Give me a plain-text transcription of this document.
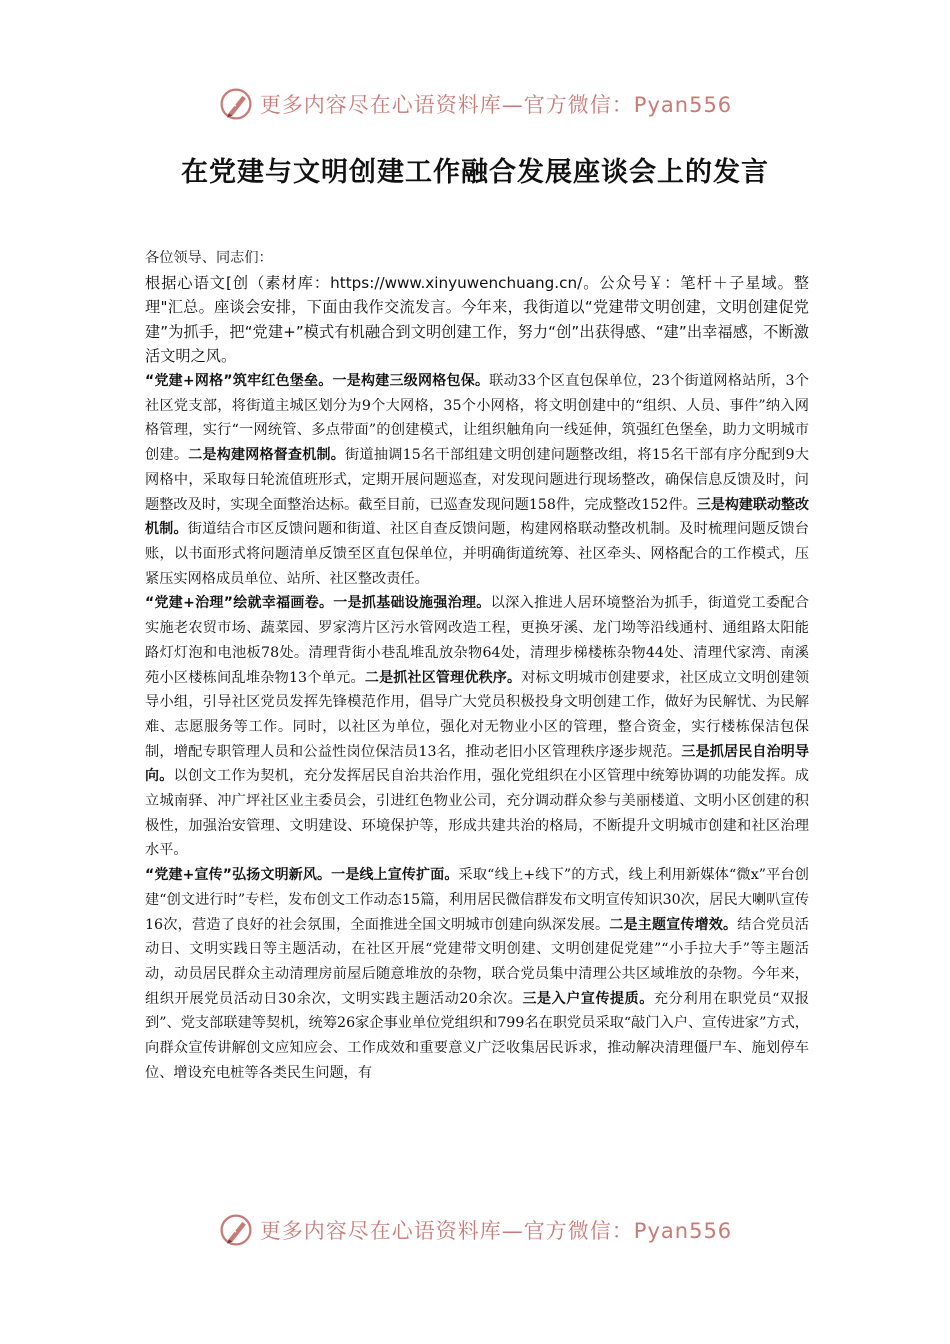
更多内容尽在心语资料库—官方微信：Pyan556
在党建与文明创建工作融合发展座谈会上的发言

各位领导、同志们：

根据心语文[创（素材库：https://www.xinyuwenchuang.cn/。公众号￥：笔杆＋子星域。整理"汇总。座谈会安排，下面由我作交流发言。今年来，我街道以“党建带文明创建，文明创建促党建”为抓手，把“党建+”模式有机融合到文明创建工作，努力“创”出获得感、“建”出幸福感，不断激活文明之风。

“党建+网格”筑牢红色堡垒。一是构建三级网格包保。联动33个区直包保单位，23个街道网格站所，3个社区党支部，将街道主城区划分为9个大网格，35个小网格，将文明创建中的“组织、人员、事件”纳入网格管理，实行“一网统管、多点带面”的创建模式，让组织触角向一线延伸，筑强红色堡垒，助力文明城市创建。二是构建网格督查机制。街道抽调15名干部组建文明创建问题整改组，将15名干部有序分配到9大网格中，采取每日轮流值班形式，定期开展问题巡查，对发现问题进行现场整改，确保信息反馈及时，问题整改及时，实现全面整治达标。截至目前，已巡查发现问题158件，完成整改152件。三是构建联动整改机制。街道结合市区反馈问题和街道、社区自查反馈问题，构建网格联动整改机制。及时梳理问题反馈台账，以书面形式将问题清单反馈至区直包保单位，并明确街道统筹、社区牵头、网格配合的工作模式，压紧压实网格成员单位、站所、社区整改责任。

“党建+治理”绘就幸福画卷。一是抓基础设施强治理。以深入推进人居环境整治为抓手，街道党工委配合实施老农贸市场、蔬菜园、罗家湾片区污水管网改造工程，更换牙溪、龙门坳等沿线通村、通组路太阳能路灯灯泡和电池板78处。清理背街小巷乱堆乱放杂物64处，清理步梯楼栋杂物44处、清理代家湾、南溪苑小区楼栋间乱堆杂物13个单元。二是抓社区管理优秩序。对标文明城市创建要求，社区成立文明创建领导小组，引导社区党员发挥先锋模范作用，倡导广大党员积极投身文明创建工作，做好为民解忧、为民解难、志愿服务等工作。同时，以社区为单位，强化对无物业小区的管理，整合资金，实行楼栋保洁包保制，增配专职管理人员和公益性岗位保洁员13名，推动老旧小区管理秩序逐步规范。三是抓居民自治明导向。以创文工作为契机，充分发挥居民自治共治作用，强化党组织在小区管理中统筹协调的功能发挥。成立城南驿、冲广坪社区业主委员会，引进红色物业公司，充分调动群众参与美丽楼道、文明小区创建的积极性，加强治安管理、文明建设、环境保护等，形成共建共治的格局，不断提升文明城市创建和社区治理水平。

“党建+宣传”弘扬文明新风。一是线上宣传扩面。采取“线上+线下”的方式，线上利用新媒体“微x”平台创建“创文进行时”专栏，发布创文工作动态15篇，利用居民微信群发布文明宣传知识30次，居民大喇叭宣传16次，营造了良好的社会氛围，全面推进全国文明城市创建向纵深发展。二是主题宣传增效。结合党员活动日、文明实践日等主题活动，在社区开展“党建带文明创建、文明创建促党建”“小手拉大手”等主题活动，动员居民群众主动清理房前屋后随意堆放的杂物，联合党员集中清理公共区域堆放的杂物。今年来，组织开展党员活动日30余次，文明实践主题活动20余次。三是入户宣传提质。充分利用在职党员“双报到”、党支部联建等契机，统筹26家企事业单位党组织和799名在职党员采取“敲门入户、宣传进家”方式，向群众宣传讲解创文应知应会、工作成效和重要意义广泛收集居民诉求，推动解决清理僵尸车、施划停车位、增设充电桩等各类民生问题，有

更多内容尽在心语资料库—官方微信：Pyan556
